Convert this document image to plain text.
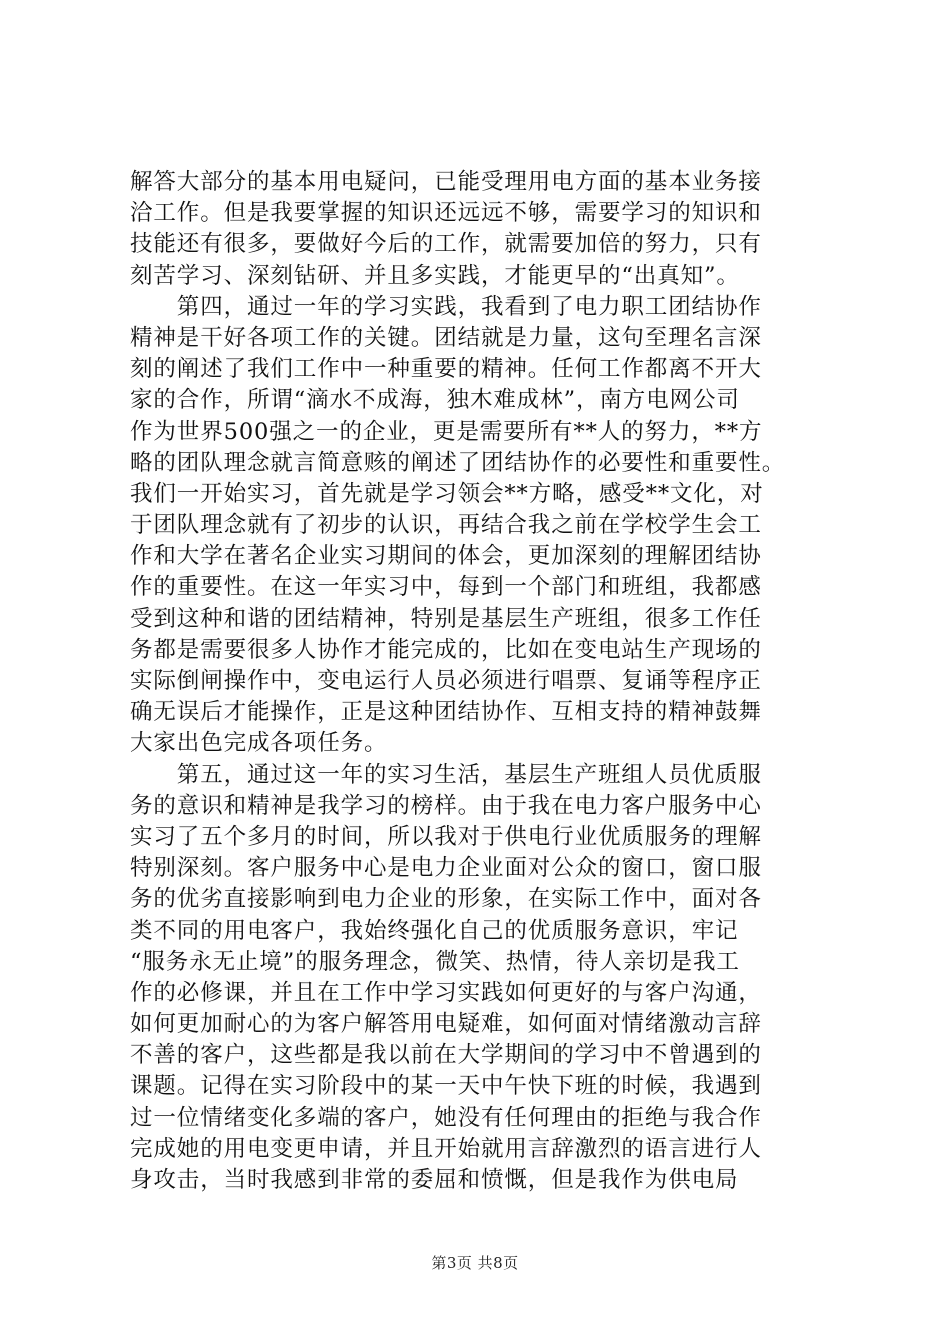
解答大部分的基本用电疑问，已能受理用电方面的基本业务接
洽工作。但是我要掌握的知识还远远不够，需要学习的知识和
技能还有很多，要做好今后的工作，就需要加倍的努力，只有
刻苦学习、深刻钻研、并且多实践，才能更早的“出真知”。
　　第四，通过一年的学习实践，我看到了电力职工团结协作
精神是干好各项工作的关键。团结就是力量，这句至理名言深
刻的阐述了我们工作中一种重要的精神。任何工作都离不开大
家的合作，所谓“滴水不成海，独木难成林”，南方电网公司
作为世界500强之一的企业，更是需要所有**人的努力，**方
略的团队理念就言简意赅的阐述了团结协作的必要性和重要性。
我们一开始实习，首先就是学习领会**方略，感受**文化，对
于团队理念就有了初步的认识，再结合我之前在学校学生会工
作和大学在著名企业实习期间的体会，更加深刻的理解团结协
作的重要性。在这一年实习中，每到一个部门和班组，我都感
受到这种和谐的团结精神，特别是基层生产班组，很多工作任
务都是需要很多人协作才能完成的，比如在变电站生产现场的
实际倒闸操作中，变电运行人员必须进行唱票、复诵等程序正
确无误后才能操作，正是这种团结协作、互相支持的精神鼓舞
大家出色完成各项任务。
　　第五，通过这一年的实习生活，基层生产班组人员优质服
务的意识和精神是我学习的榜样。由于我在电力客户服务中心
实习了五个多月的时间，所以我对于供电行业优质服务的理解
特别深刻。客户服务中心是电力企业面对公众的窗口，窗口服
务的优劣直接影响到电力企业的形象，在实际工作中，面对各
类不同的用电客户，我始终强化自己的优质服务意识，牢记
“服务永无止境”的服务理念，微笑、热情，待人亲切是我工
作的必修课，并且在工作中学习实践如何更好的与客户沟通，
如何更加耐心的为客户解答用电疑难，如何面对情绪激动言辞
不善的客户，这些都是我以前在大学期间的学习中不曾遇到的
课题。记得在实习阶段中的某一天中午快下班的时候，我遇到
过一位情绪变化多端的客户，她没有任何理由的拒绝与我合作
完成她的用电变更申请，并且开始就用言辞激烈的语言进行人
身攻击，当时我感到非常的委屈和愤慨，但是我作为供电局
第3页 共8页
